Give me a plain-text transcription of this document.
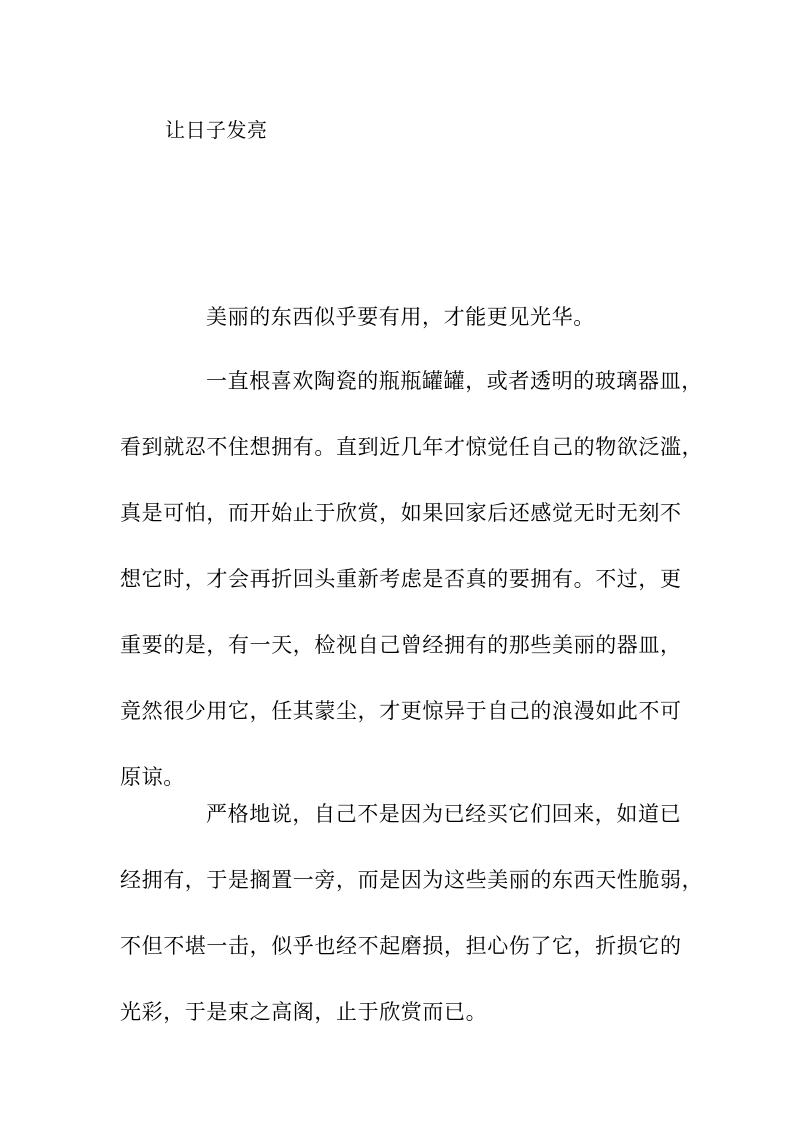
让日子发亮

美丽的东西似乎要有用，才能更见光华。

一直根喜欢陶瓷的瓶瓶罐罐，或者透明的玻璃器皿，
看到就忍不住想拥有。直到近几年才惊觉任自己的物欲泛滥，
真是可怕，而开始止于欣赏，如果回家后还感觉无时无刻不
想它时，才会再折回头重新考虑是否真的要拥有。不过，更
重要的是，有一天，检视自己曾经拥有的那些美丽的器皿，
竟然很少用它，任其蒙尘，才更惊异于自己的浪漫如此不可
原谅。

严格地说，自己不是因为已经买它们回来，如道已
经拥有，于是搁置一旁，而是因为这些美丽的东西天性脆弱，
不但不堪一击，似乎也经不起磨损，担心伤了它，折损它的
光彩，于是束之高阁，止于欣赏而已。
